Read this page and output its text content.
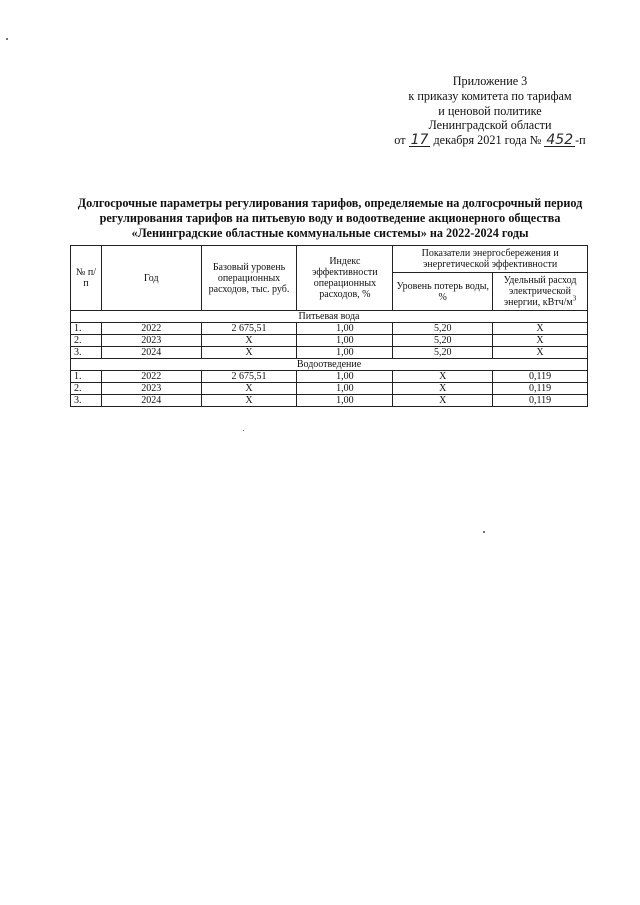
Приложение 3
к приказу комитета по тарифам
и ценовой политике
Ленинградской области
от 17 декабря 2021 года № 452 -п
Долгосрочные параметры регулирования тарифов, определяемые на долгосрочный период
регулирования тарифов на питьевую воду и водоотведение акционерного общества
«Ленинградские областные коммунальные системы» на 2022-2024 годы
№ п/п	Год	Базовый уровень операционных расходов, тыс. руб.	Индекс эффективности операционных расходов, %	Показатели энергосбережения и энергетической эффективности	
				Уровень потерь воды, %	Удельный расход электрической энергии, кВтч/$м^3$
Питьевая вода					
1.	2022	2 675,51	1,00	5,20	X
2.	2023	X	1,00	5,20	X
3.	2024	X	1,00	5,20	X
Водоотведение					
1.	2022	2 675,51	1,00	X	0,119
2.	2023	X	1,00	X	0,119
3.	2024	X	1,00	X	0,119
